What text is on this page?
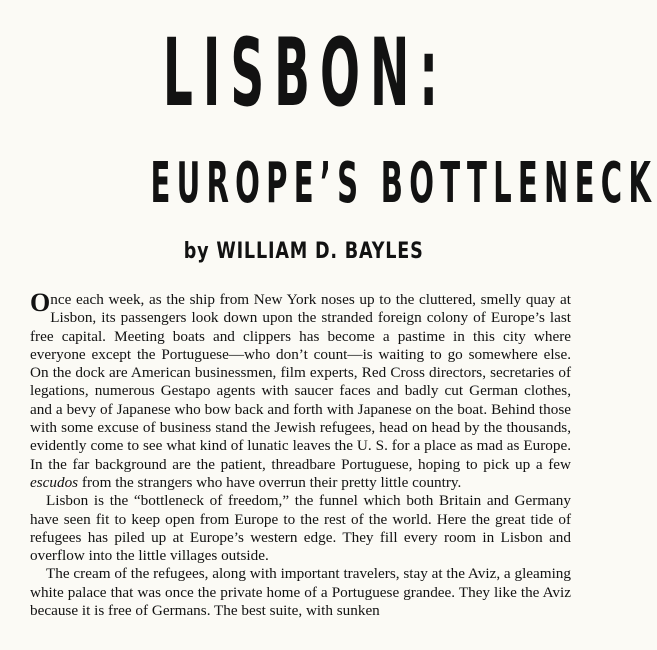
LISBON:
EUROPE’S BOTTLENECK
by WILLIAM D. BAYLES

Once each week, as the ship from New York noses up to the cluttered, smelly quay at Lisbon, its passengers look down upon the stranded foreign colony of Europe’s last free capital. Meeting boats and clippers has become a pastime in this city where everyone except the Portuguese—who don’t count—is waiting to go somewhere else. On the dock are American businessmen, film experts, Red Cross directors, secretaries of legations, numerous Gestapo agents with saucer faces and badly cut German clothes, and a bevy of Japanese who bow back and forth with Japanese on the boat. Behind those with some excuse of business stand the Jewish refugees, head on head by the thousands, evidently come to see what kind of lunatic leaves the U. S. for a place as mad as Europe. In the far background are the patient, threadbare Portuguese, hoping to pick up a few escudos from the strangers who have overrun their pretty little country.

Lisbon is the “bottleneck of freedom,” the funnel which both Britain and Germany have seen fit to keep open from Europe to the rest of the world. Here the great tide of refugees has piled up at Europe’s western edge. They fill every room in Lisbon and overflow into the little villages outside.

The cream of the refugees, along with important travelers, stay at the Aviz, a gleaming white palace that was once the private home of a Portuguese grandee. They like the Aviz because it is free of Germans. The best suite, with sunken
